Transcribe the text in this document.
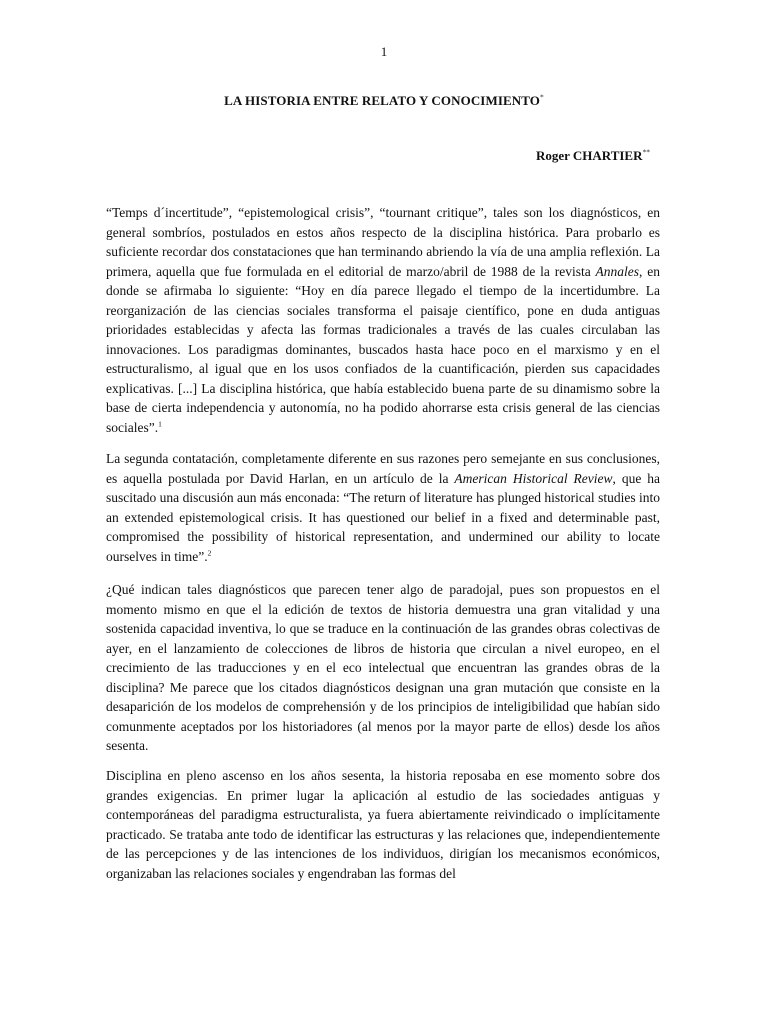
1
LA HISTORIA ENTRE RELATO Y CONOCIMIENTO*
Roger CHARTIER**

“Temps d´incertitude”, “epistemological crisis”, “tournant critique”, tales son los diagnósticos, en general sombríos, postulados en estos años respecto de la disciplina histórica. Para probarlo es suficiente recordar dos constataciones que han terminando abriendo la vía de una amplia reflexión. La primera, aquella que fue formulada en el editorial de marzo/abril de 1988 de la revista Annales, en donde se afirmaba lo siguiente: “Hoy en día parece llegado el tiempo de la incertidumbre. La reorganización de las ciencias sociales transforma el paisaje científico, pone en duda antiguas prioridades establecidas y afecta las formas tradicionales a través de las cuales circulaban las innovaciones. Los paradigmas dominantes, buscados hasta hace poco en el marxismo y en el estructuralismo, al igual que en los usos confiados de la cuantificación, pierden sus capacidades explicativas. [...] La disciplina histórica, que había establecido buena parte de su dinamismo sobre la base de cierta independencia y autonomía, no ha podido ahorrarse esta crisis general de las ciencias sociales”.$^1$

La segunda contatación, completamente diferente en sus razones pero semejante en sus conclusiones, es aquella postulada por David Harlan, en un artículo de la American Historical Review, que ha suscitado una discusión aun más enconada: “The return of literature has plunged historical studies into an extended epistemological crisis. It has questioned our belief in a fixed and determinable past, compromised the possibility of historical representation, and undermined our ability to locate ourselves in time”.$^2$

¿Qué indican tales diagnósticos que parecen tener algo de paradojal, pues son propuestos en el momento mismo en que el la edición de textos de historia demuestra una gran vitalidad y una sostenida capacidad inventiva, lo que se traduce en la continuación de las grandes obras colectivas de ayer, en el lanzamiento de colecciones de libros de historia que circulan a nivel europeo, en el crecimiento de las traducciones y en el eco intelectual que encuentran las grandes obras de la disciplina? Me parece que los citados diagnósticos designan una gran mutación que consiste en la desaparición de los modelos de comprehensión y de los principios de inteligibilidad que habían sido comunmente aceptados por los historiadores (al menos por la mayor parte de ellos) desde los años sesenta.

Disciplina en pleno ascenso en los años sesenta, la historia reposaba en ese momento sobre dos grandes exigencias. En primer lugar la aplicación al estudio de las sociedades antiguas y contemporáneas del paradigma estructuralista, ya fuera abiertamente reivindicado o implícitamente practicado. Se trataba ante todo de identificar las estructuras y las relaciones que, independientemente de las percepciones y de las intenciones de los individuos, dirigían los mecanismos económicos, organizaban las relaciones sociales y engendraban las formas del
